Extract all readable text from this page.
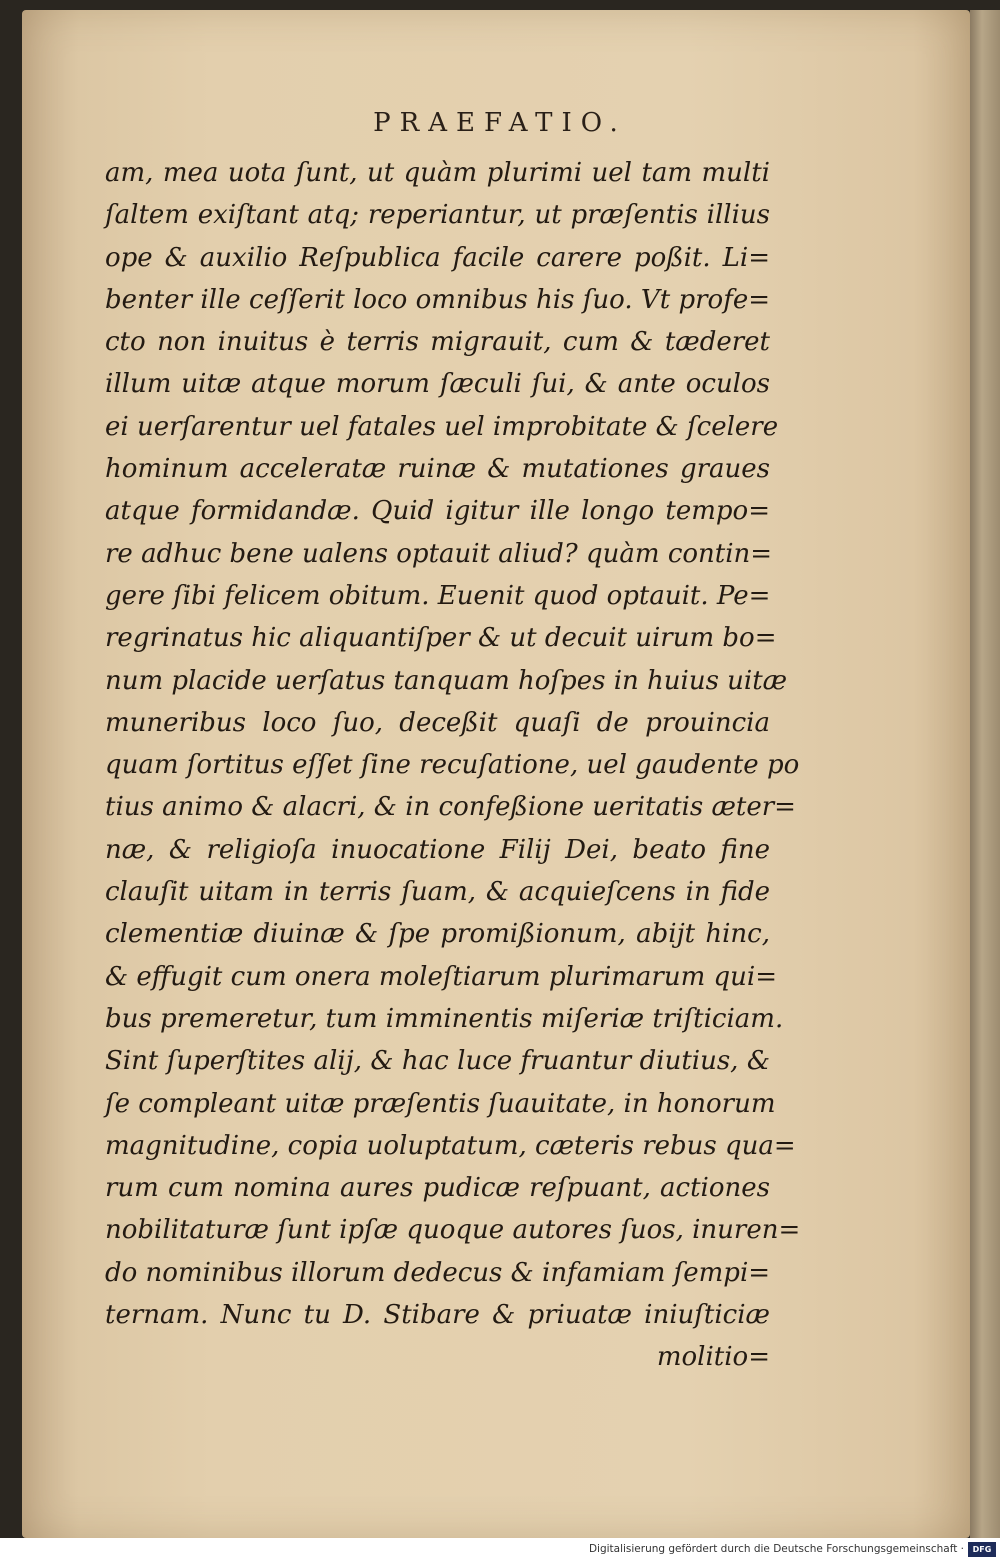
PRAEFATIO.
am, mea uota ſunt, ut quàm plurimi uel tam multi
ſaltem exiſtant atq; reperiantur, ut præſentis illius
ope & auxilio Reſpublica facile carere poßit. Li=
benter ille ceſſerit loco omnibus his ſuo. Vt profe=
cto non inuitus è terris migrauit, cum & tæderet
illum uitæ atque morum ſæculi ſui, & ante oculos
ei uerſarentur uel fatales uel improbitate & ſcelere
hominum acceleratæ ruinæ & mutationes graues
atque formidandæ. Quid igitur ille longo tempo=
re adhuc bene ualens optauit aliud? quàm contin=
gere ſibi felicem obitum. Euenit quod optauit. Pe=
regrinatus hic aliquantiſper & ut decuit uirum bo=
num placide uerſatus tanquam hoſpes in huius uitæ
muneribus loco ſuo, deceßit quaſi de prouincia
quam ſortitus eſſet ſine recuſatione, uel gaudente po
tius animo & alacri, & in confeßione ueritatis æter=
næ, & religioſa inuocatione Filij Dei, beato fine
clauſit uitam in terris ſuam, & acquieſcens in fide
clementiæ diuinæ & ſpe promißionum, abijt hinc,
& effugit cum onera moleſtiarum plurimarum qui=
bus premeretur, tum imminentis miſeriæ triſticiam.
Sint ſuperſtites alij, & hac luce fruantur diutius, &
ſe compleant uitæ præſentis ſuauitate, in honorum
magnitudine, copia uoluptatum, cæteris rebus qua=
rum cum nomina aures pudicæ reſpuant, actiones
nobilitaturæ ſunt ipſæ quoque autores ſuos, inuren=
do nominibus illorum dedecus & infamiam ſempi=
ternam. Nunc tu D. Stibare & priuatæ iniuſticiæ
molitio=
Digitalisierung gefördert durch die Deutsche Forschungsgemeinschaft ·	DFG
